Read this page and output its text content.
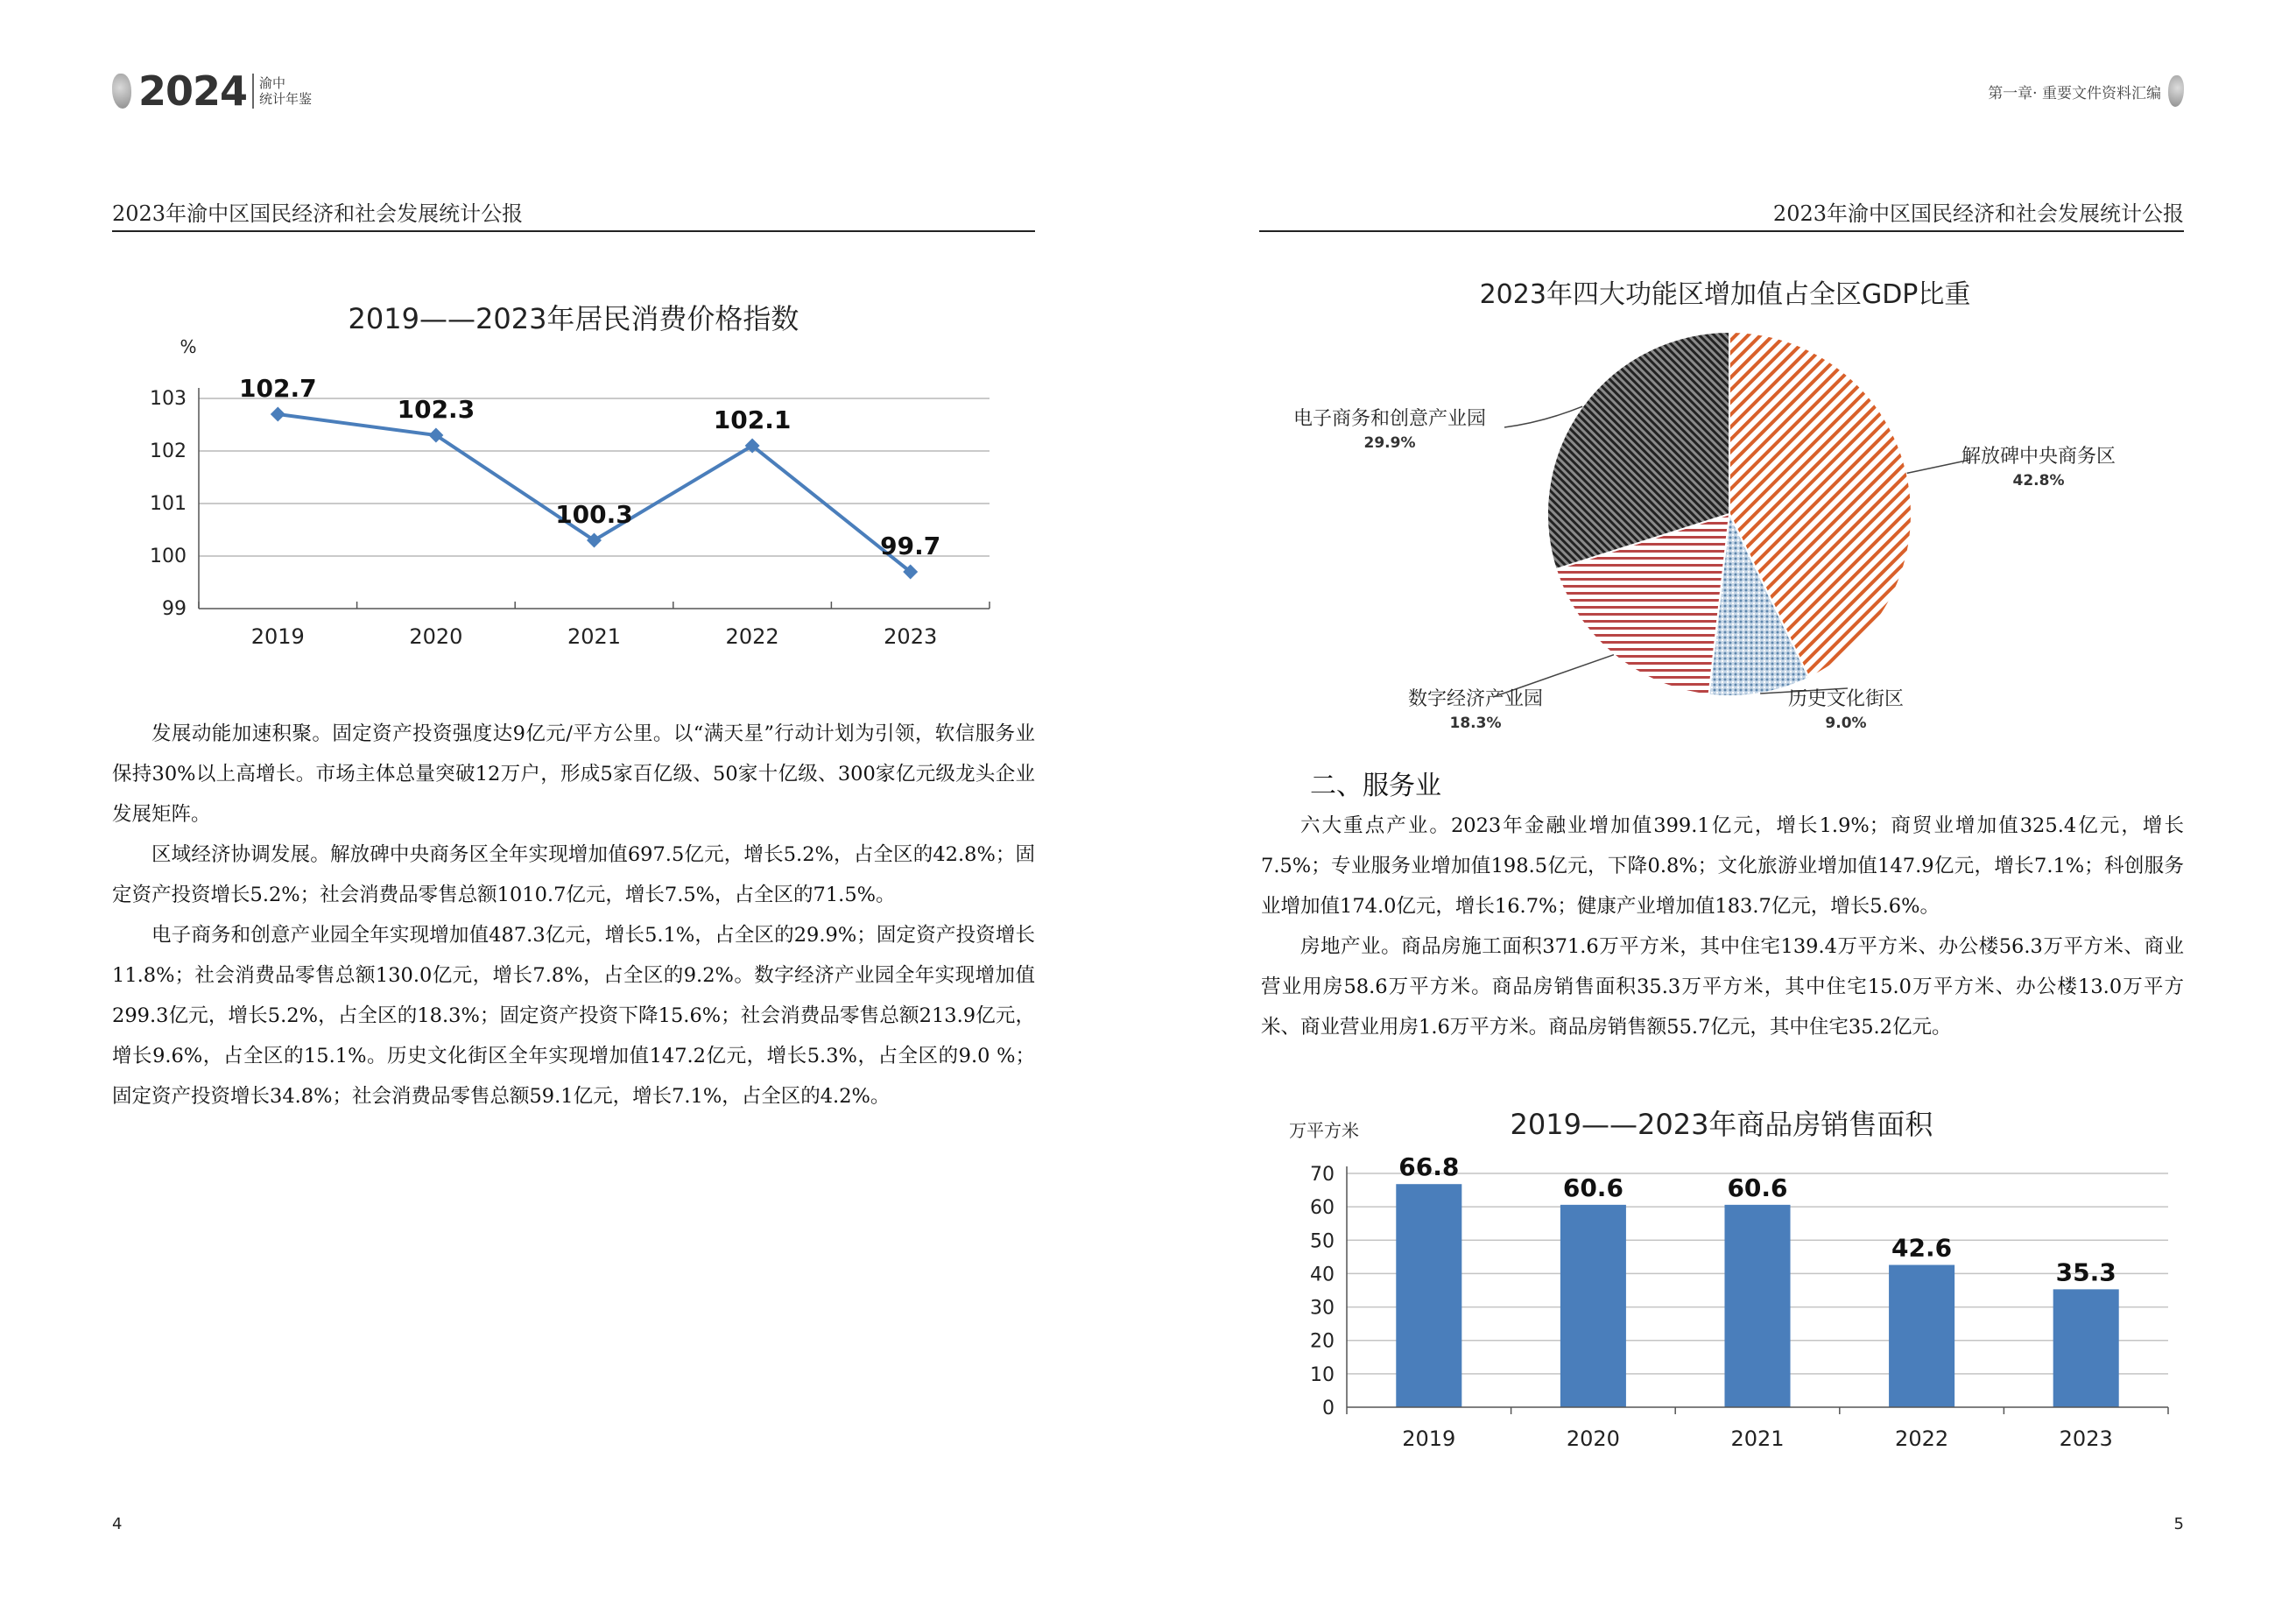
2024 渝中
统计年鉴	第一章· 重要文件资料汇编
2023年渝中区国民经济和社会发展统计公报	2023年渝中区国民经济和社会发展统计公报
2019——2023年居民消费价格指数
%
99
100
101
102
103
2019	2020	2021	2022	2023
102.7
102.3
100.3
102.1
99.7

发展动能加速积聚。固定资产投资强度达9亿元/平方公里。以“满天星”行动计划为引领，软信服务业保持30%以上高增长。市场主体总量突破12万户，形成5家百亿级、50家十亿级、300家亿元级龙头企业发展矩阵。

区域经济协调发展。解放碑中央商务区全年实现增加值697.5亿元，增长5.2%，占全区的42.8%；固定资产投资增长5.2%；社会消费品零售总额1010.7亿元，增长7.5%，占全区的71.5%。

电子商务和创意产业园全年实现增加值487.3亿元，增长5.1%，占全区的29.9%；固定资产投资增长11.8%；社会消费品零售总额130.0亿元，增长7.8%，占全区的9.2%。数字经济产业园全年实现增加值299.3亿元，增长5.2%，占全区的18.3%；固定资产投资下降15.6%；社会消费品零售总额213.9亿元，增长9.6%，占全区的15.1%。历史文化街区全年实现增加值147.2亿元，增长5.3%，占全区的9.0 %；固定资产投资增长34.8%；社会消费品零售总额59.1亿元，增长7.1%，占全区的4.2%。

2023年四大功能区增加值占全区GDP比重
解放碑中央商务区
42.8%
历史文化街区
9.0%
数字经济产业园
18.3%
电子商务和创意产业园
29.9%
二、服务业

六大重点产业。2023年金融业增加值399.1亿元，增长1.9%；商贸业增加值325.4亿元，增长7.5%；专业服务业增加值198.5亿元，下降0.8%；文化旅游业增加值147.9亿元，增长7.1%；科创服务业增加值174.0亿元，增长16.7%；健康产业增加值183.7亿元，增长5.6%。

房地产业。商品房施工面积371.6万平方米，其中住宅139.4万平方米、办公楼56.3万平方米、商业营业用房58.6万平方米。商品房销售面积35.3万平方米，其中住宅15.0万平方米、办公楼13.0万平方米、商业营业用房1.6万平方米。商品房销售额55.7亿元，其中住宅35.2亿元。

2019——2023年商品房销售面积
万平方米
0
10
20
30
40
50
60
70
2019	2020	2021	2022	2023
66.8
60.6	60.6
42.6
35.3
4	5
